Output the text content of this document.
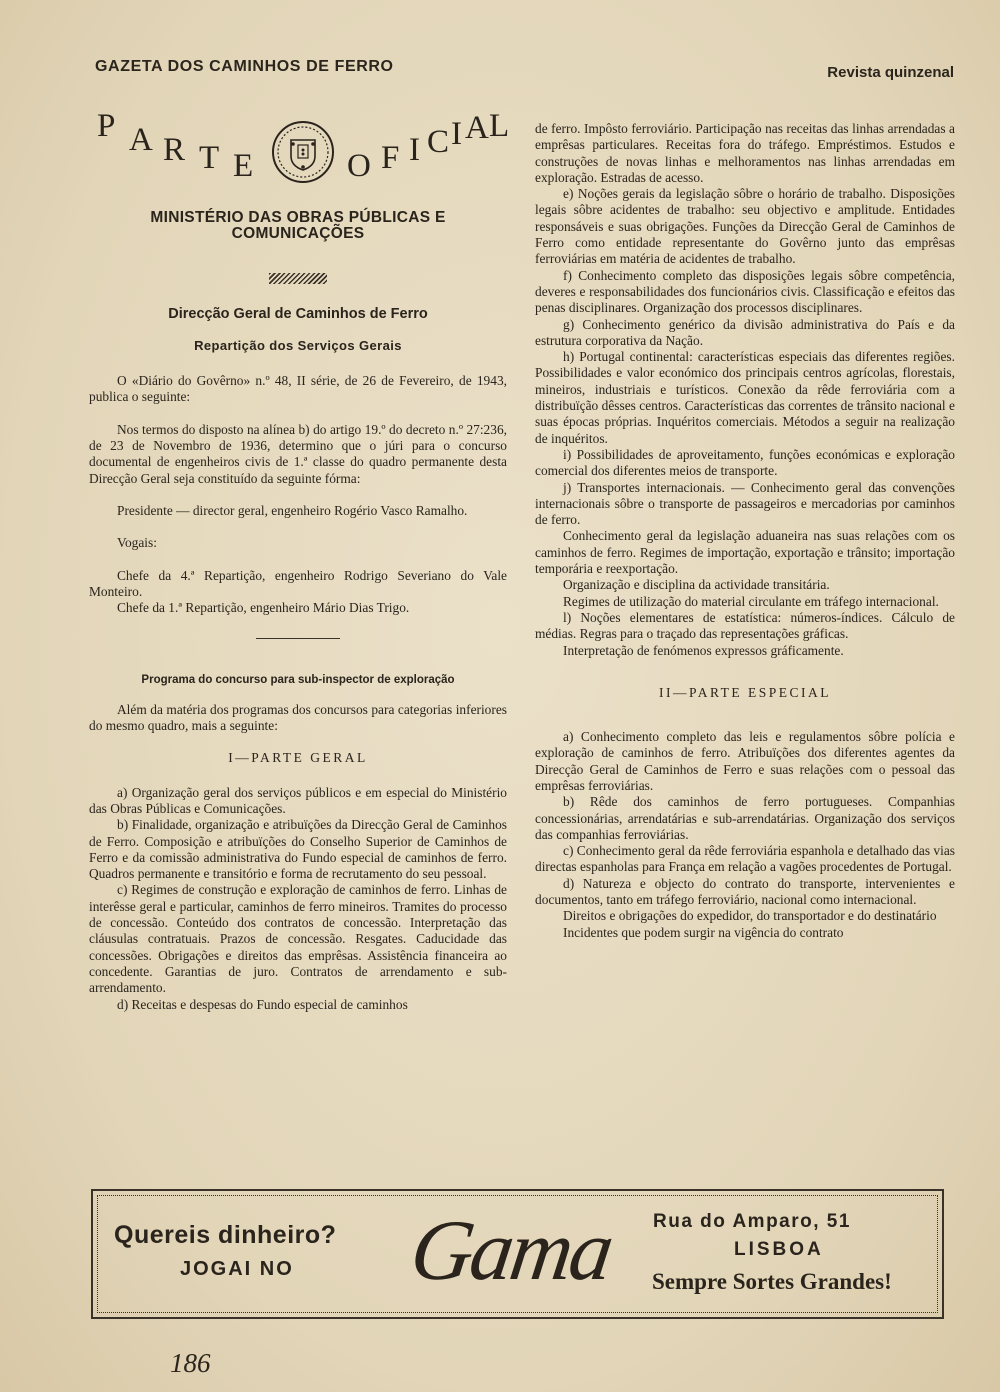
GAZETA DOS CAMINHOS DE FERRO	Revista quinzenal
P A R T E	O F I C I A L
MINISTÉRIO DAS OBRAS PÚBLICAS E COMUNICAÇÕES
Direcção Geral de Caminhos de Ferro
Repartição dos Serviços Gerais

O «Diário do Govêrno» n.º 48, II série, de 26 de Fevereiro, de 1943, publica o seguinte:

Nos termos do disposto na alínea b) do artigo 19.º do decreto n.º 27:236, de 23 de Novembro de 1936, determino que o júri para o concurso documental de engenheiros civis de 1.ª classe do quadro permanente desta Direcção Geral seja constituído da seguinte fórma:

Presidente — director geral, engenheiro Rogério Vasco Ramalho.

Vogais:

Chefe da 4.ª Repartição, engenheiro Rodrigo Severiano do Vale Monteiro.

Chefe da 1.ª Repartição, engenheiro Mário Dias Trigo.

Programa do concurso para sub-inspector de exploração

Além da matéria dos programas dos concursos para categorias inferiores do mesmo quadro, mais a seguinte:

I—PARTE GERAL

a) Organização geral dos serviços públicos e em especial do Ministério das Obras Públicas e Comunicações.

b) Finalidade, organização e atribuïções da Direcção Geral de Caminhos de Ferro. Composição e atribuïções do Conselho Superior de Caminhos de Ferro e da comissão administrativa do Fundo especial de caminhos de ferro. Quadros permanente e transitório e forma de recrutamento do seu pessoal.

c) Regimes de construção e exploração de caminhos de ferro. Linhas de interêsse geral e particular, caminhos de ferro mineiros. Tramites do processo de concessão. Conteúdo dos contratos de concessão. Interpretação das cláusulas contratuais. Prazos de concessão. Resgates. Caducidade das concessões. Obrigações e direitos das emprêsas. Assistência financeira ao concedente. Garantias de juro. Contratos de arrendamento e sub-arrendamento.

d) Receitas e despesas do Fundo especial de caminhos

de ferro. Impôsto ferroviário. Participação nas receitas das linhas arrendadas a emprêsas particulares. Receitas fora do tráfego. Empréstimos. Estudos e construções de novas linhas e melhoramentos nas linhas arrendadas em exploração. Estradas de acesso.

e) Noções gerais da legislação sôbre o horário de trabalho. Disposições legais sôbre acidentes de trabalho: seu objectivo e amplitude. Entidades responsáveis e suas obrigações. Funções da Direcção Geral de Caminhos de Ferro como entidade representante do Govêrno junto das emprêsas ferroviárias em matéria de acidentes de trabalho.

f) Conhecimento completo das disposições legais sôbre competência, deveres e responsabilidades dos funcionários civis. Classificação e efeitos das penas disciplinares. Organização dos processos disciplinares.

g) Conhecimento genérico da divisão administrativa do País e da estrutura corporativa da Nação.

h) Portugal continental: características especiais das diferentes regiões. Possibilidades e valor económico dos principais centros agrícolas, florestais, mineiros, industriais e turísticos. Conexão da rêde ferroviária com a distribuïção dêsses centros. Características das correntes de trânsito nacional e suas épocas próprias. Inquéritos comerciais. Métodos a seguir na realização de inquéritos.

i) Possibilidades de aproveitamento, funções económicas e exploração comercial dos diferentes meios de transporte.

j) Transportes internacionais. — Conhecimento geral das convenções internacionais sôbre o transporte de passageiros e mercadorias por caminhos de ferro.

Conhecimento geral da legislação aduaneira nas suas relações com os caminhos de ferro. Regimes de importação, exportação e trânsito; importação temporária e reexportação.

Organização e disciplina da actividade transitária.

Regimes de utilização do material circulante em tráfego internacional.

l) Noções elementares de estatística: números-índices. Cálculo de médias. Regras para o traçado das representações gráficas.

Interpretação de fenómenos expressos gráficamente.

II—PARTE ESPECIAL

a) Conhecimento completo das leis e regulamentos sôbre polícia e exploração de caminhos de ferro. Atribuïções dos diferentes agentes da Direcção Geral de Caminhos de Ferro e suas relações com o pessoal das emprêsas ferroviárias.

b) Rêde dos caminhos de ferro portugueses. Companhias concessionárias, arrendatárias e sub-arrendatárias. Organização dos serviços das companhias ferroviárias.

c) Conhecimento geral da rêde ferroviária espanhola e detalhado das vias directas espanholas para França em relação a vagões procedentes de Portugal.

d) Natureza e objecto do contrato do transporte, intervenientes e documentos, tanto em tráfego ferroviário, nacional como internacional.

Direitos e obrigações do expedidor, do transportador e do destinatário

Incidentes que podem surgir na vigência do contrato

Quereis dinheiro?
JOGAI NO Gama Rua do Amparo, 51
LISBOA
Sempre Sortes Grandes!
186
